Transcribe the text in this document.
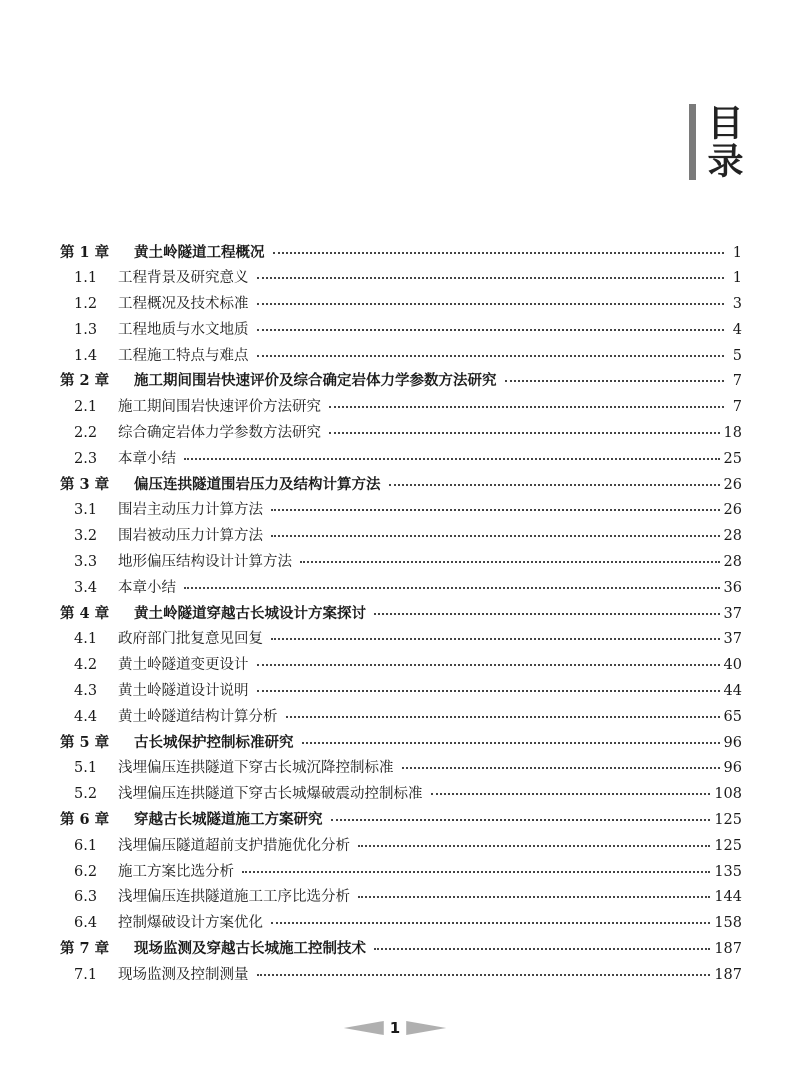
目录
第 1 章	黄土岭隧道工程概况	1
1.1	工程背景及研究意义	1
1.2	工程概况及技术标准	3
1.3	工程地质与水文地质	4
1.4	工程施工特点与难点	5
第 2 章	施工期间围岩快速评价及综合确定岩体力学参数方法研究	7
2.1	施工期间围岩快速评价方法研究	7
2.2	综合确定岩体力学参数方法研究	18
2.3	本章小结	25
第 3 章	偏压连拱隧道围岩压力及结构计算方法	26
3.1	围岩主动压力计算方法	26
3.2	围岩被动压力计算方法	28
3.3	地形偏压结构设计计算方法	28
3.4	本章小结	36
第 4 章	黄土岭隧道穿越古长城设计方案探讨	37
4.1	政府部门批复意见回复	37
4.2	黄土岭隧道变更设计	40
4.3	黄土岭隧道设计说明	44
4.4	黄土岭隧道结构计算分析	65
第 5 章	古长城保护控制标准研究	96
5.1	浅埋偏压连拱隧道下穿古长城沉降控制标准	96
5.2	浅埋偏压连拱隧道下穿古长城爆破震动控制标准	108
第 6 章	穿越古长城隧道施工方案研究	125
6.1	浅埋偏压隧道超前支护措施优化分析	125
6.2	施工方案比选分析	135
6.3	浅埋偏压连拱隧道施工工序比选分析	144
6.4	控制爆破设计方案优化	158
第 7 章	现场监测及穿越古长城施工控制技术	187
7.1	现场监测及控制测量	187
1
